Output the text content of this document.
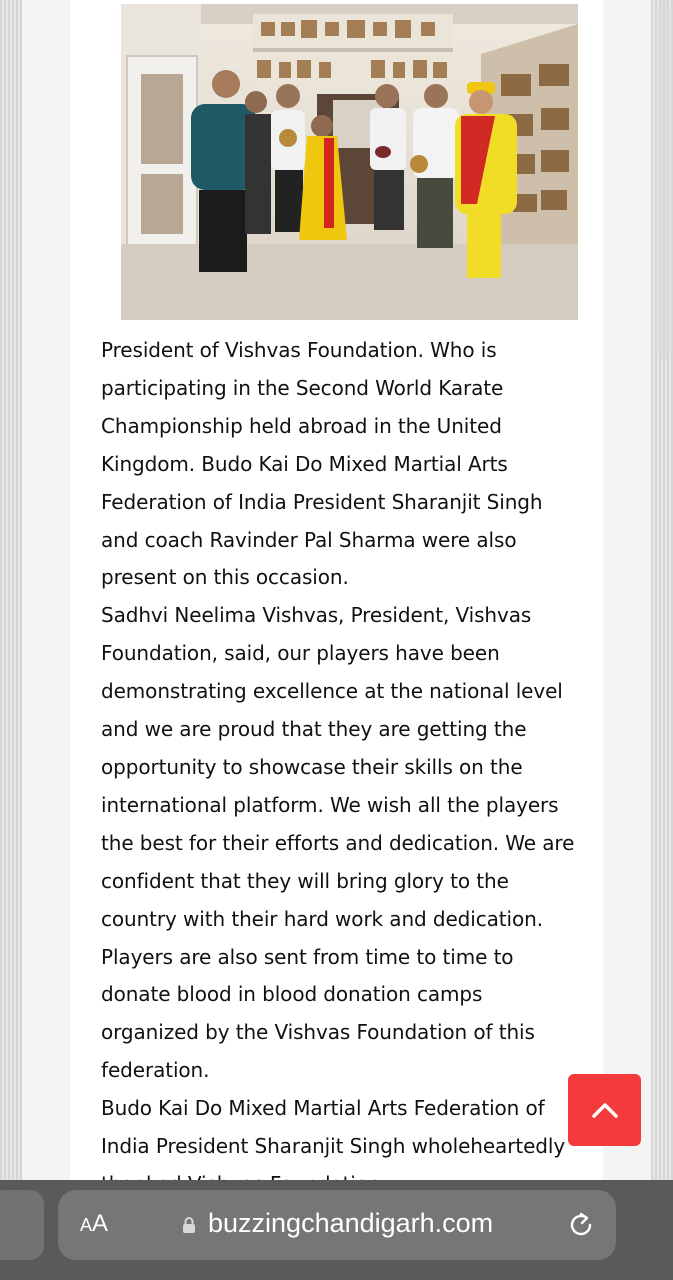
President of Vishvas Foundation. Who is participating in the Second World Karate Championship held abroad in the United Kingdom. Budo Kai Do Mixed Martial Arts Federation of India President Sharanjit Singh and coach Ravinder Pal Sharma were also present on this occasion.

Sadhvi Neelima Vishvas, President, Vishvas Foundation, said, our players have been demonstrating excellence at the national level and we are proud that they are getting the opportunity to showcase their skills on the international platform. We wish all the players the best for their efforts and dedication. We are confident that they will bring glory to the country with their hard work and dedication. Players are also sent from time to time to donate blood in blood donation camps organized by the Vishvas Foundation of this federation.

Budo Kai Do Mixed Martial Arts Federation of India President Sharanjit Singh wholeheartedly

AA	buzzingchandigarh.com
